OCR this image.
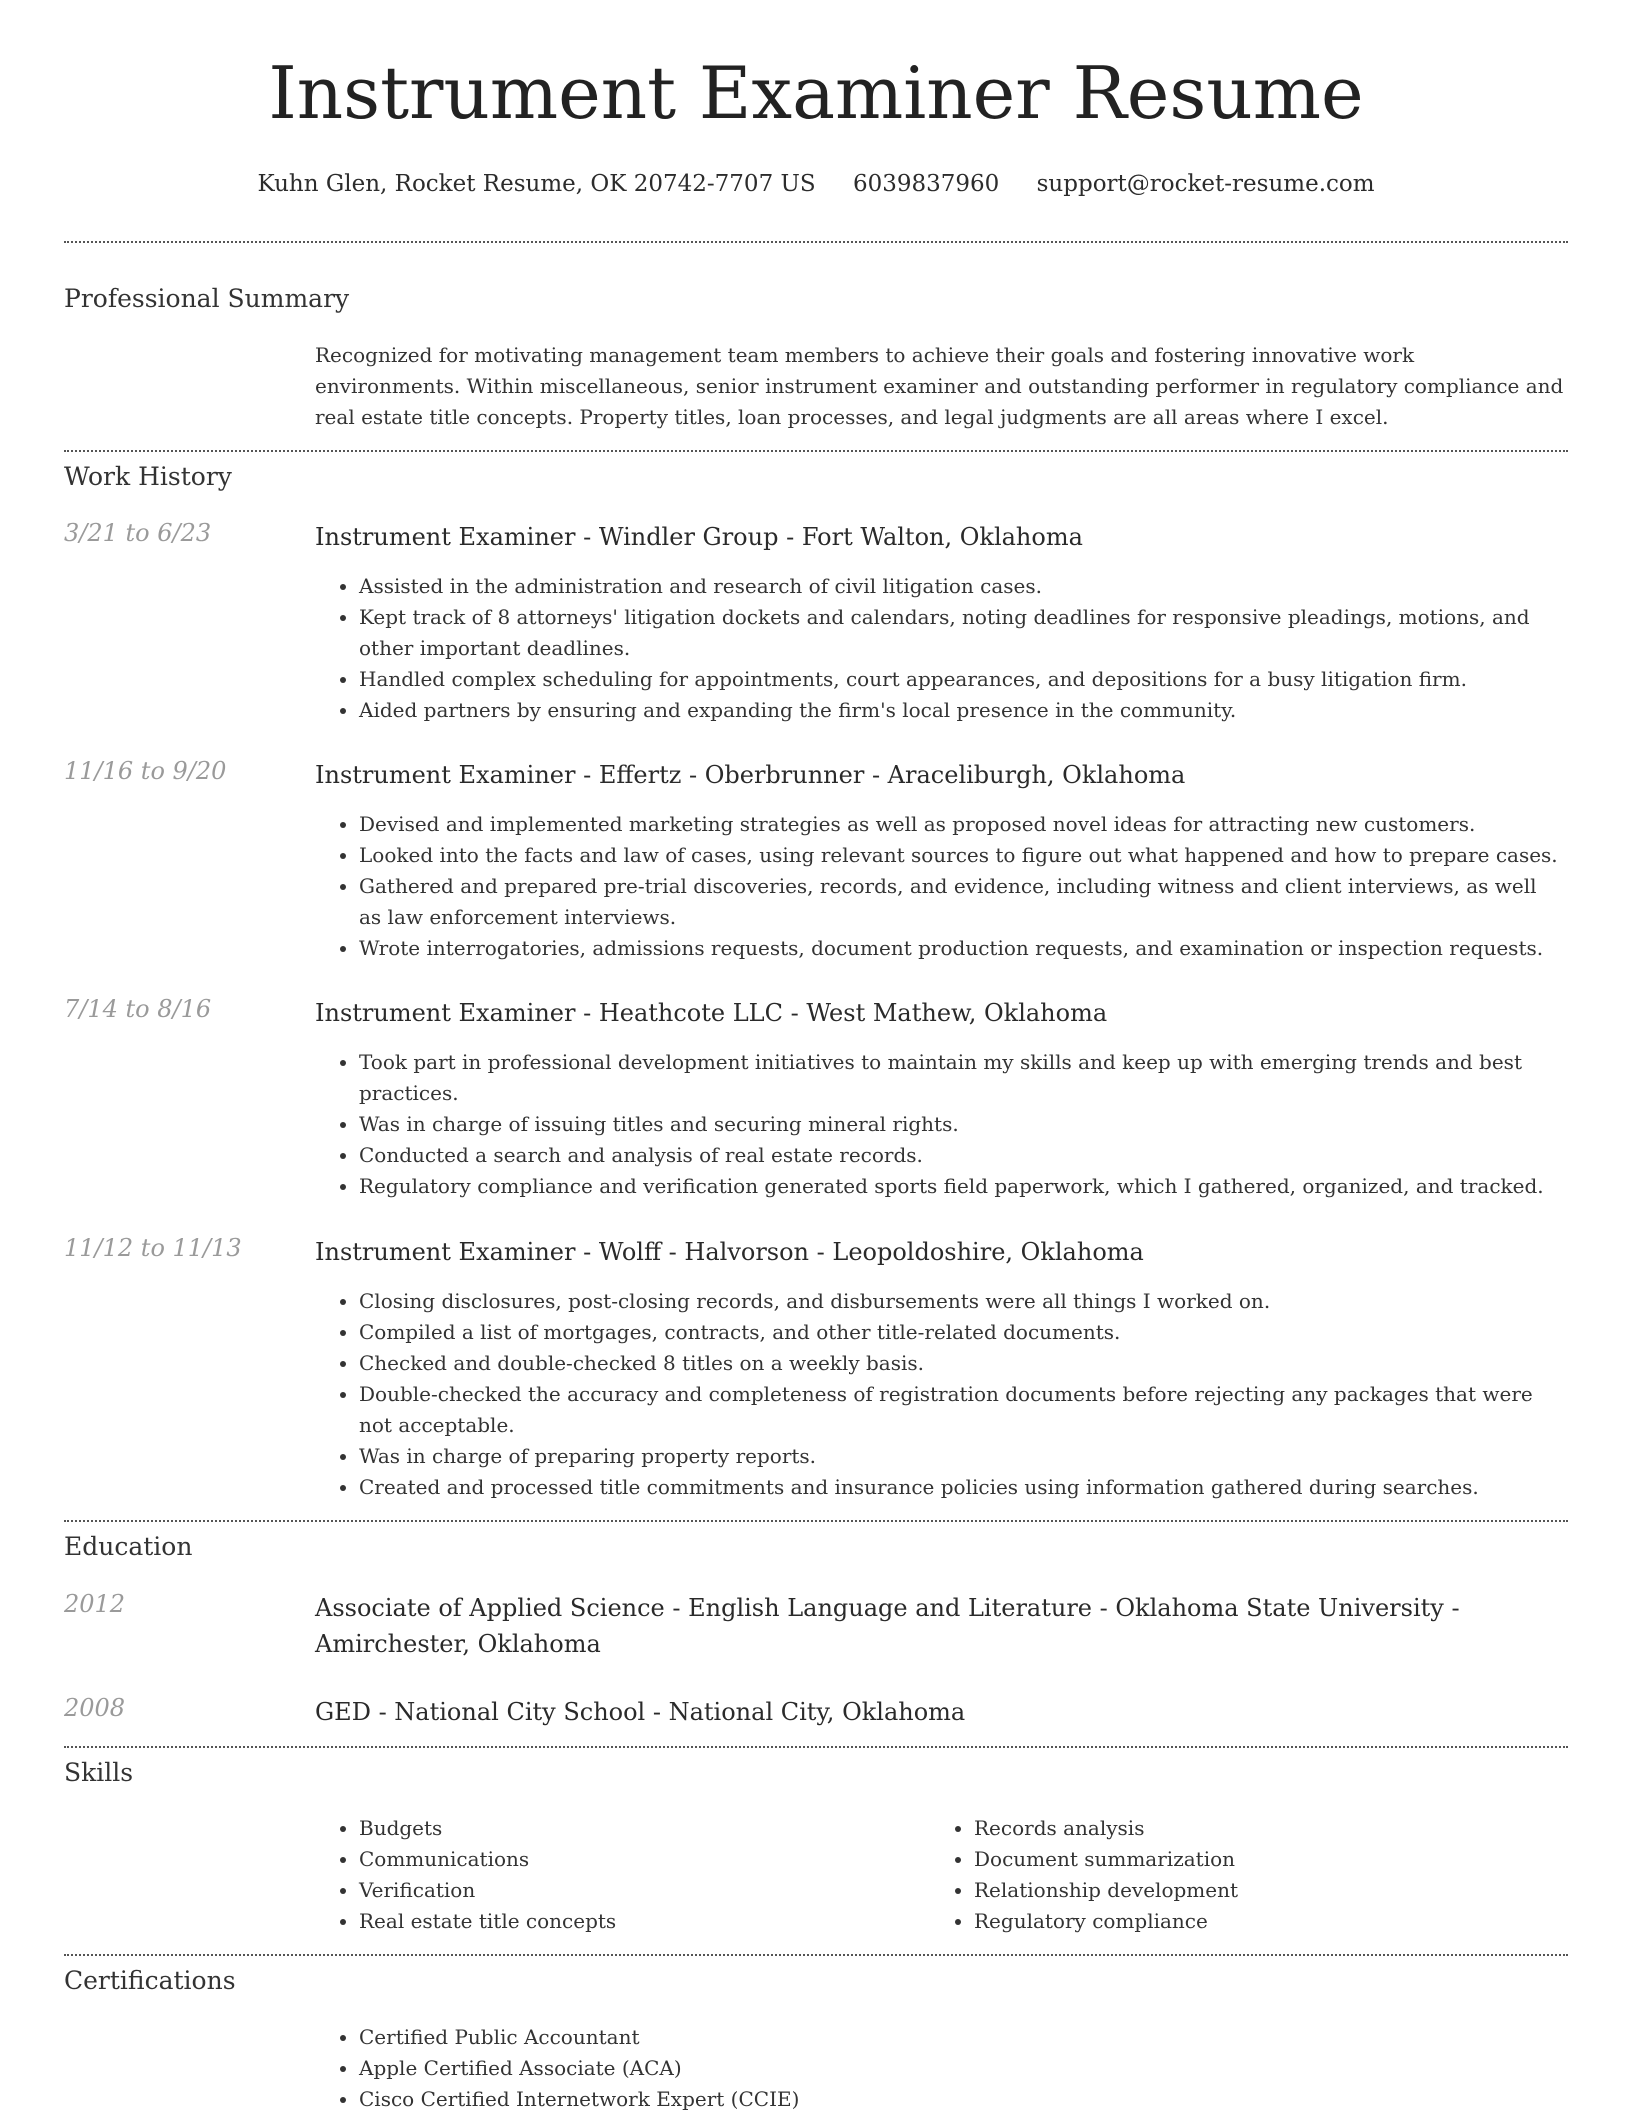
Instrument Examiner Resume
Kuhn Glen, Rocket Resume, OK 20742-7707 US 6039837960 support@rocket-resume.com
Professional Summary

Recognized for motivating management team members to achieve their goals and fostering innovative work environments. Within miscellaneous, senior instrument examiner and outstanding performer in regulatory compliance and real estate title concepts. Property titles, loan processes, and legal judgments are all areas where I excel.

Work History
3/21 to 6/23	Instrument Examiner - Windler Group - Fort Walton, Oklahoma
• Assisted in the administration and research of civil litigation cases.
• Kept track of 8 attorneys' litigation dockets and calendars, noting deadlines for responsive pleadings, motions, and other important deadlines.
• Handled complex scheduling for appointments, court appearances, and depositions for a busy litigation firm.
• Aided partners by ensuring and expanding the firm's local presence in the community.
11/16 to 9/20	Instrument Examiner - Effertz - Oberbrunner - Araceliburgh, Oklahoma
• Devised and implemented marketing strategies as well as proposed novel ideas for attracting new customers.
• Looked into the facts and law of cases, using relevant sources to figure out what happened and how to prepare cases.
• Gathered and prepared pre-trial discoveries, records, and evidence, including witness and client interviews, as well as law enforcement interviews.
• Wrote interrogatories, admissions requests, document production requests, and examination or inspection requests.
7/14 to 8/16	Instrument Examiner - Heathcote LLC - West Mathew, Oklahoma
• Took part in professional development initiatives to maintain my skills and keep up with emerging trends and best practices.
• Was in charge of issuing titles and securing mineral rights.
• Conducted a search and analysis of real estate records.
• Regulatory compliance and verification generated sports field paperwork, which I gathered, organized, and tracked.
11/12 to 11/13	Instrument Examiner - Wolff - Halvorson - Leopoldoshire, Oklahoma
• Closing disclosures, post-closing records, and disbursements were all things I worked on.
• Compiled a list of mortgages, contracts, and other title-related documents.
• Checked and double-checked 8 titles on a weekly basis.
• Double-checked the accuracy and completeness of registration documents before rejecting any packages that were not acceptable.
• Was in charge of preparing property reports.
• Created and processed title commitments and insurance policies using information gathered during searches.
Education
2012	Associate of Applied Science - English Language and Literature - Oklahoma State University - Amirchester, Oklahoma
2008	GED - National City School - National City, Oklahoma
Skills
• Budgets
• Communications
• Verification
• Real estate title concepts
• Records analysis
• Document summarization
• Relationship development
• Regulatory compliance
Certifications
• Certified Public Accountant
• Apple Certified Associate (ACA)
• Cisco Certified Internetwork Expert (CCIE)
